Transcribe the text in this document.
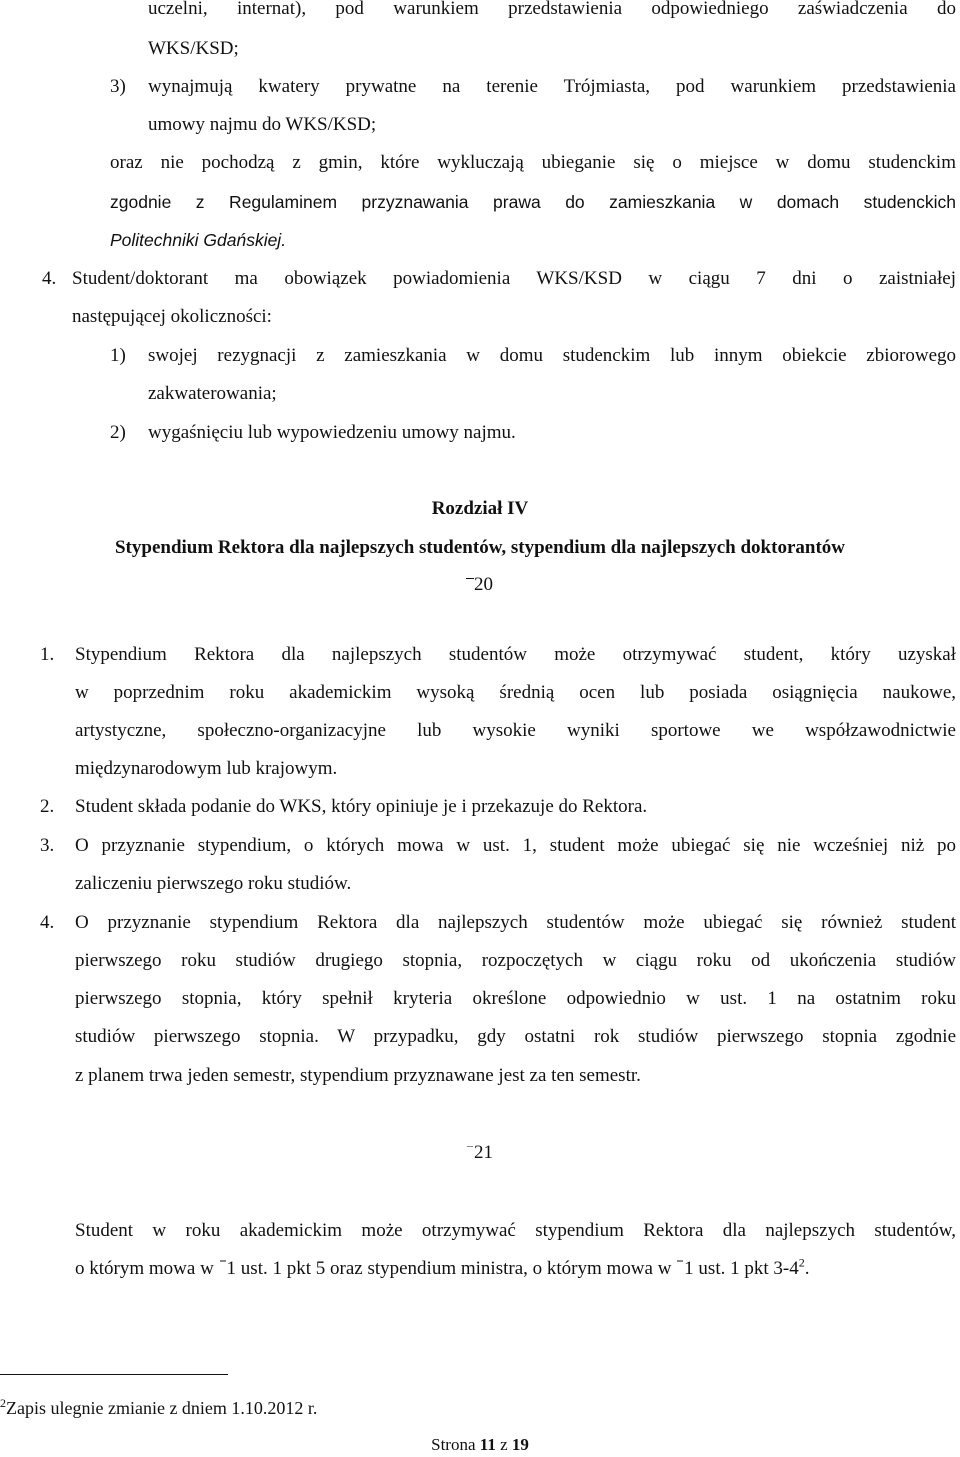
uczelni, internat), pod warunkiem przedstawienia odpowiedniego zaświadczenia do
WKS/KSD;
3) wynajmują kwatery prywatne na terenie Trójmiasta, pod warunkiem przedstawienia
umowy najmu do WKS/KSD;
oraz nie pochodzą z gmin, które wykluczają ubieganie się o miejsce w domu studenckim
zgodnie z Regulaminem przyznawania prawa do zamieszkania w domach studenckich
Politechniki Gdańskiej.
4. Student/doktorant ma obowiązek powiadomienia WKS/KSD w ciągu 7 dni o zaistniałej
następującej okoliczności:
1) swojej rezygnacji z zamieszkania w domu studenckim lub innym obiekcie zbiorowego
zakwaterowania;
2) wygaśnięciu lub wypowiedzeniu umowy najmu.
Rozdział IV
Stypendium Rektora dla najlepszych studentów, stypendium dla najlepszych doktorantów
20
1. Stypendium Rektora dla najlepszych studentów może otrzymywać student, który uzyskał
w poprzednim roku akademickim wysoką średnią ocen lub posiada osiągnięcia naukowe,
artystyczne, społeczno-organizacyjne lub wysokie wyniki sportowe we współzawodnictwie
międzynarodowym lub krajowym.
2. Student składa podanie do WKS, który opiniuje je i przekazuje do Rektora.
3. O przyznanie stypendium, o których mowa w ust. 1, student może ubiegać się nie wcześniej niż po
zaliczeniu pierwszego roku studiów.
4. O przyznanie stypendium Rektora dla najlepszych studentów może ubiegać się również student
pierwszego roku studiów drugiego stopnia, rozpoczętych w ciągu roku od ukończenia studiów
pierwszego stopnia, który spełnił kryteria określone odpowiednio w ust. 1 na ostatnim roku
studiów pierwszego stopnia. W przypadku, gdy ostatni rok studiów pierwszego stopnia zgodnie
z planem trwa jeden semestr, stypendium przyznawane jest za ten semestr.
21
Student w roku akademickim może otrzymywać stypendium Rektora dla najlepszych studentów,
o którym mowa w 1 ust. 1 pkt 5 oraz stypendium ministra, o którym mowa w 1 ust. 1 pkt $3-4^2$.
$^2$Zapis ulegnie zmianie z dniem 1.10.2012 r.
Strona 11 z 19
